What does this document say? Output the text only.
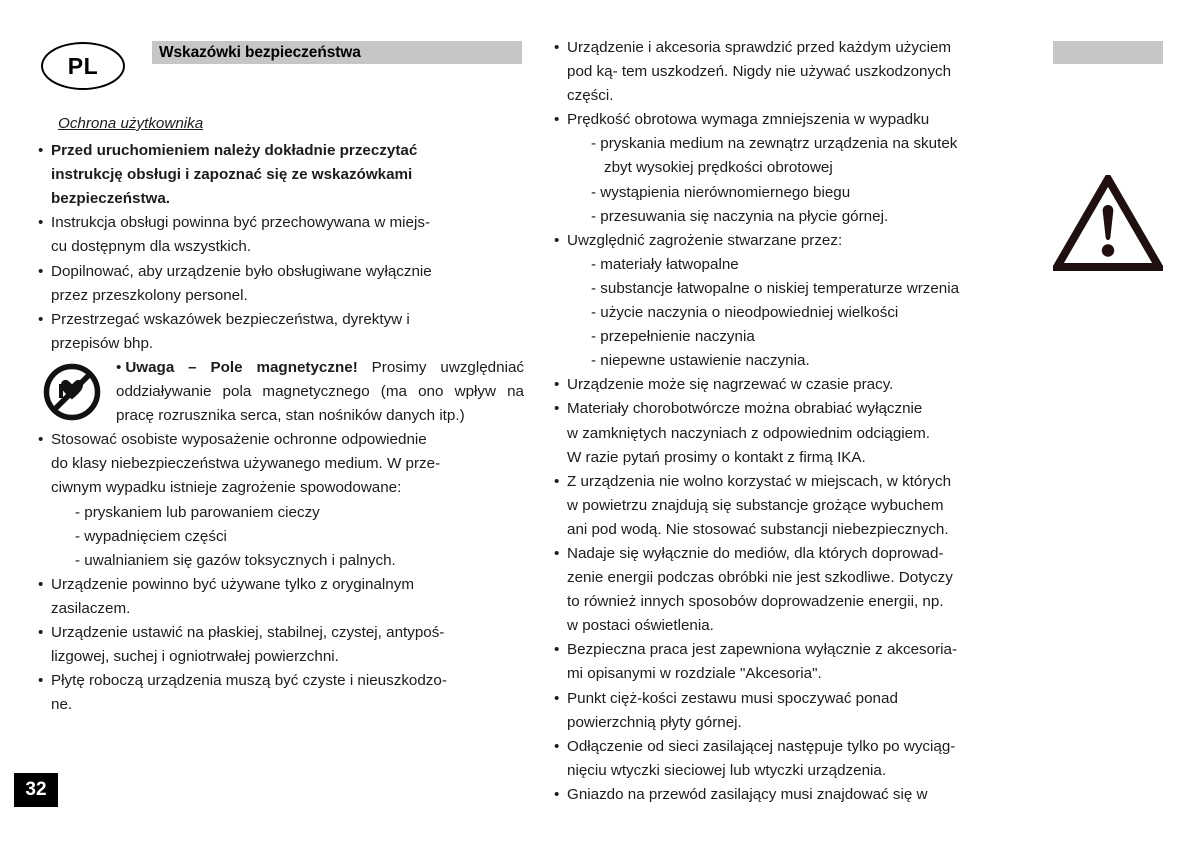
PL
Wskazówki bezpieczeństwa
Ochrona użytkownika
• Przed uruchomieniem należy dokładnie przeczytać
instrukcję obsługi i zapoznać się ze wskazówkami
bezpieczeństwa.
• Instrukcja obsługi powinna być przechowywana w miejs-
cu dostępnym dla wszystkich.
• Dopilnować, aby urządzenie było obsługiwane wyłącznie
przez przeszkolony personel.
• Przestrzegać wskazówek bezpieczeństwa, dyrektyw i
przepisów bhp.
• Uwaga – Pole magnetyczne! Prosimy uwzględniać oddziaływanie pola magnetycznego (ma ono wpływ na pracę rozrusznika serca, stan nośników danych itp.)
• Stosować osobiste wyposażenie ochronne odpowiednie
do klasy niebezpieczeństwa używanego medium. W prze-
ciwnym wypadku istnieje zagrożenie spowodowane:
- pryskaniem lub parowaniem cieczy
- wypadnięciem części
- uwalnianiem się gazów toksycznych i palnych.
• Urządzenie powinno być używane tylko z oryginalnym
zasilaczem.
• Urządzenie ustawić na płaskiej, stabilnej, czystej, antypoś-
lizgowej, suchej i ogniotrwałej powierzchni.
• Płytę roboczą urządzenia muszą być czyste i nieuszkodzo-
ne.
• Urządzenie i akcesoria sprawdzić przed każdym użyciem
pod ką- tem uszkodzeń. Nigdy nie używać uszkodzonych
części.
• Prędkość obrotowa wymaga zmniejszenia w wypadku
- pryskania medium na zewnątrz urządzenia na skutek
zbyt wysokiej prędkości obrotowej
- wystąpienia nierównomiernego biegu
- przesuwania się naczynia na płycie górnej.
• Uwzględnić zagrożenie stwarzane przez:
- materiały łatwopalne
- substancje łatwopalne o niskiej temperaturze wrzenia
- użycie naczynia o nieodpowiedniej wielkości
- przepełnienie naczynia
- niepewne ustawienie naczynia.
• Urządzenie może się nagrzewać w czasie pracy.
• Materiały chorobotwórcze można obrabiać wyłącznie
w zamkniętych naczyniach z odpowiednim odciągiem.
W razie pytań prosimy o kontakt z firmą IKA.
• Z urządzenia nie wolno korzystać w miejscach, w których
w powietrzu znajdują się substancje grożące wybuchem
ani pod wodą. Nie stosować substancji niebezpiecznych.
• Nadaje się wyłącznie do mediów, dla których doprowad-
zenie energii podczas obróbki nie jest szkodliwe. Dotyczy
to również innych sposobów doprowadzenie energii, np.
w postaci oświetlenia.
• Bezpieczna praca jest zapewniona wyłącznie z akcesoria-
mi opisanymi w rozdziale "Akcesoria".
• Punkt cięż-kości zestawu musi spoczywać ponad
powierzchnią płyty górnej.
• Odłączenie od sieci zasilającej następuje tylko po wyciąg-
nięciu wtyczki sieciowej lub wtyczki urządzenia.
• Gniazdo na przewód zasilający musi znajdować się w
32
